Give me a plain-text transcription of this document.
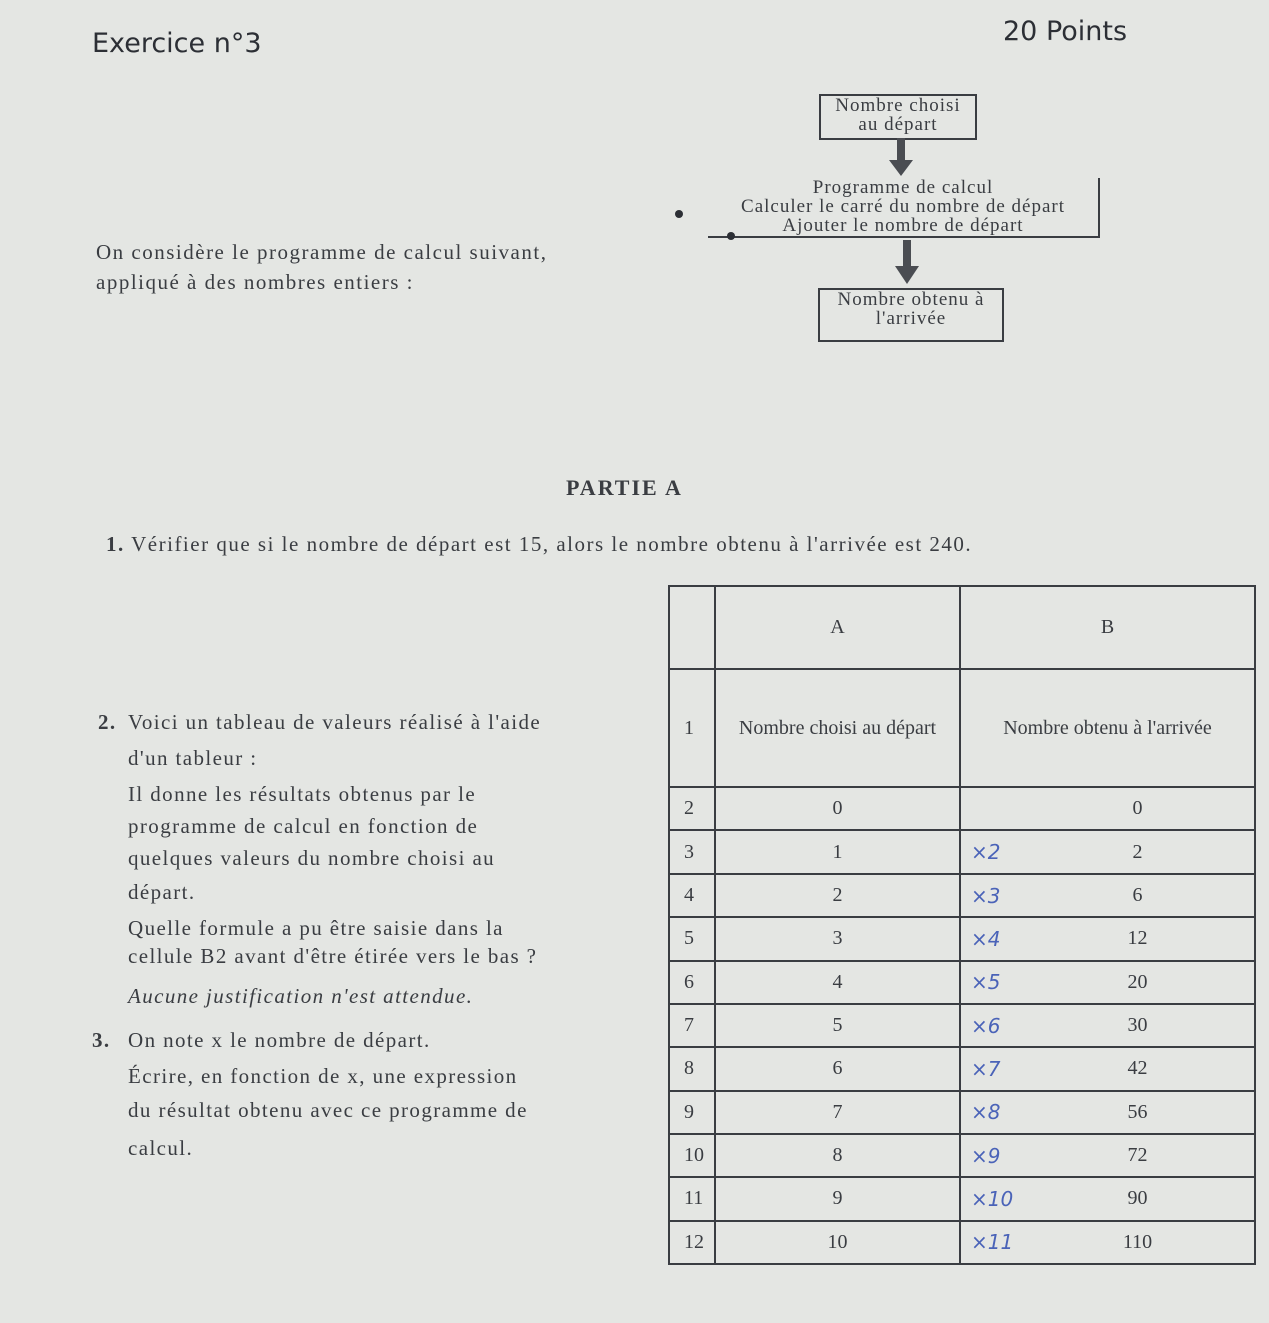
Exercice n°3	20 Points
Nombre choisi
au départ
Programme de calcul
Calculer le carré du nombre de départ
Ajouter le nombre de départ
Nombre obtenu à
l'arrivée
On considère le programme de calcul suivant,
appliqué à des nombres entiers :
PARTIE A
1. Vérifier que si le nombre de départ est 15, alors le nombre obtenu à l'arrivée est 240.
2. Voici un tableau de valeurs réalisé à l'aide
d'un tableur :
Il donne les résultats obtenus par le
programme de calcul en fonction de
quelques valeurs du nombre choisi au
départ.
Quelle formule a pu être saisie dans la
cellule B2 avant d'être étirée vers le bas ?
Aucune justification n'est attendue.
3. On note x le nombre de départ.
Écrire, en fonction de x, une expression
du résultat obtenu avec ce programme de
calcul.
	A	B
1	Nombre choisi au départ	Nombre obtenu à l'arrivée
2	0	0
3	1	×2 2
4	2	×3 6
5	3	×4 12
6	4	×5 20
7	5	×6 30
8	6	×7 42
9	7	×8 56
10	8	×9 72
11	9	×10 90
12	10	×11 110
